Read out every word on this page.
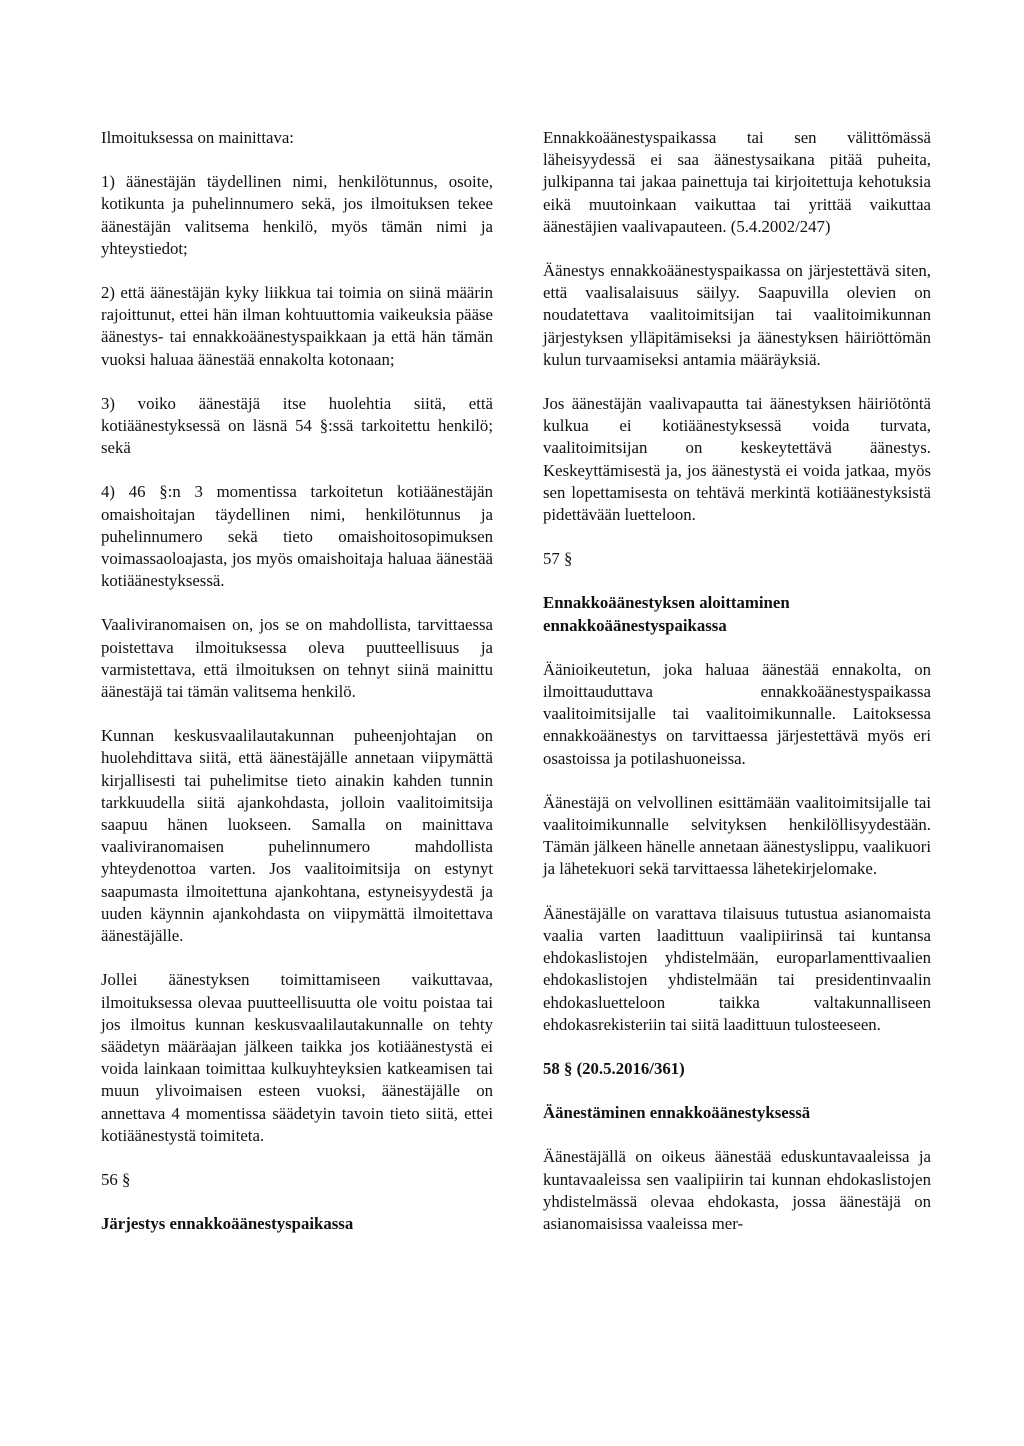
Ilmoituksessa on mainittava:

1) äänestäjän täydellinen nimi, henkilötunnus, osoite, kotikunta ja puhelinnumero sekä, jos ilmoituksen tekee äänestäjän valitsema henkilö, myös tämän nimi ja yhteystiedot;

2) että äänestäjän kyky liikkua tai toimia on siinä määrin rajoittunut, ettei hän ilman kohtuuttomia vaikeuksia pääse äänestys- tai ennakkoäänestyspaikkaan ja että hän tämän vuoksi haluaa äänestää ennakolta kotonaan;

3) voiko äänestäjä itse huolehtia siitä, että kotiäänestyksessä on läsnä 54 §:ssä tarkoitettu henkilö; sekä

4) 46 §:n 3 momentissa tarkoitetun kotiäänestäjän omaishoitajan täydellinen nimi, henkilötunnus ja puhelinnumero sekä tieto omaishoitosopimuksen voimassaoloajasta, jos myös omaishoitaja haluaa äänestää kotiäänestyksessä.

Vaaliviranomaisen on, jos se on mahdollista, tarvittaessa poistettava ilmoituksessa oleva puutteellisuus ja varmistettava, että ilmoituksen on tehnyt siinä mainittu äänestäjä tai tämän valitsema henkilö.

Kunnan keskusvaalilautakunnan puheenjohtajan on huolehdittava siitä, että äänestäjälle annetaan viipymättä kirjallisesti tai puhelimitse tieto ainakin kahden tunnin tarkkuudella siitä ajankohdasta, jolloin vaalitoimitsija saapuu hänen luokseen. Samalla on mainittava vaaliviranomaisen puhelinnumero mahdollista yhteydenottoa varten. Jos vaalitoimitsija on estynyt saapumasta ilmoitettuna ajankohtana, estyneisyydestä ja uuden käynnin ajankohdasta on viipymättä ilmoitettava äänestäjälle.

Jollei äänestyksen toimittamiseen vaikuttavaa, ilmoituksessa olevaa puutteellisuutta ole voitu poistaa tai jos ilmoitus kunnan keskusvaalilautakunnalle on tehty säädetyn määräajan jälkeen taikka jos kotiäänestystä ei voida lainkaan toimittaa kulkuyhteyksien katkeamisen tai muun ylivoimaisen esteen vuoksi, äänestäjälle on annettava 4 momentissa säädetyin tavoin tieto siitä, ettei kotiäänestystä toimiteta.

56 §
Järjestys ennakkoäänestyspaikassa

Ennakkoäänestyspaikassa tai sen välittömässä läheisyydessä ei saa äänestysaikana pitää puheita, julkipanna tai jakaa painettuja tai kirjoitettuja kehotuksia eikä muutoinkaan vaikuttaa tai yrittää vaikuttaa äänestäjien vaalivapauteen. (5.4.2002/247)

Äänestys ennakkoäänestyspaikassa on järjestettävä siten, että vaalisalaisuus säilyy. Saapuvilla olevien on noudatettava vaalitoimitsijan tai vaalitoimikunnan järjestyksen ylläpitämiseksi ja äänestyksen häiriöttömän kulun turvaamiseksi antamia määräyksiä.

Jos äänestäjän vaalivapautta tai äänestyksen häiriötöntä kulkua ei kotiäänestyksessä voida turvata, vaalitoimitsijan on keskeytettävä äänestys. Keskeyttämisestä ja, jos äänestystä ei voida jatkaa, myös sen lopettamisesta on tehtävä merkintä kotiäänestyksistä pidettävään luetteloon.

57 §
Ennakkoäänestyksen aloittaminen ennakkoäänestyspaikassa

Äänioikeutetun, joka haluaa äänestää ennakolta, on ilmoittauduttava ennakkoäänestyspaikassa vaalitoimitsijalle tai vaalitoimikunnalle. Laitoksessa ennakkoäänestys on tarvittaessa järjestettävä myös eri osastoissa ja potilashuoneissa.

Äänestäjä on velvollinen esittämään vaalitoimitsijalle tai vaalitoimikunnalle selvityksen henkilöllisyydestään. Tämän jälkeen hänelle annetaan äänestyslippu, vaalikuori ja lähetekuori sekä tarvittaessa lähetekirjelomake.

Äänestäjälle on varattava tilaisuus tutustua asianomaista vaalia varten laadittuun vaalipiirinsä tai kuntansa ehdokaslistojen yhdistelmään, europarlamenttivaalien ehdokaslistojen yhdistelmään tai presidentinvaalin ehdokasluetteloon taikka valtakunnalliseen ehdokasrekisteriin tai siitä laadittuun tulosteeseen.

58 § (20.5.2016/361)
Äänestäminen ennakkoäänestyksessä

Äänestäjällä on oikeus äänestää eduskuntavaaleissa ja kuntavaaleissa sen vaalipiirin tai kunnan ehdokaslistojen yhdistelmässä olevaa ehdokasta, jossa äänestäjä on asianomaisissa vaaleissa mer-
